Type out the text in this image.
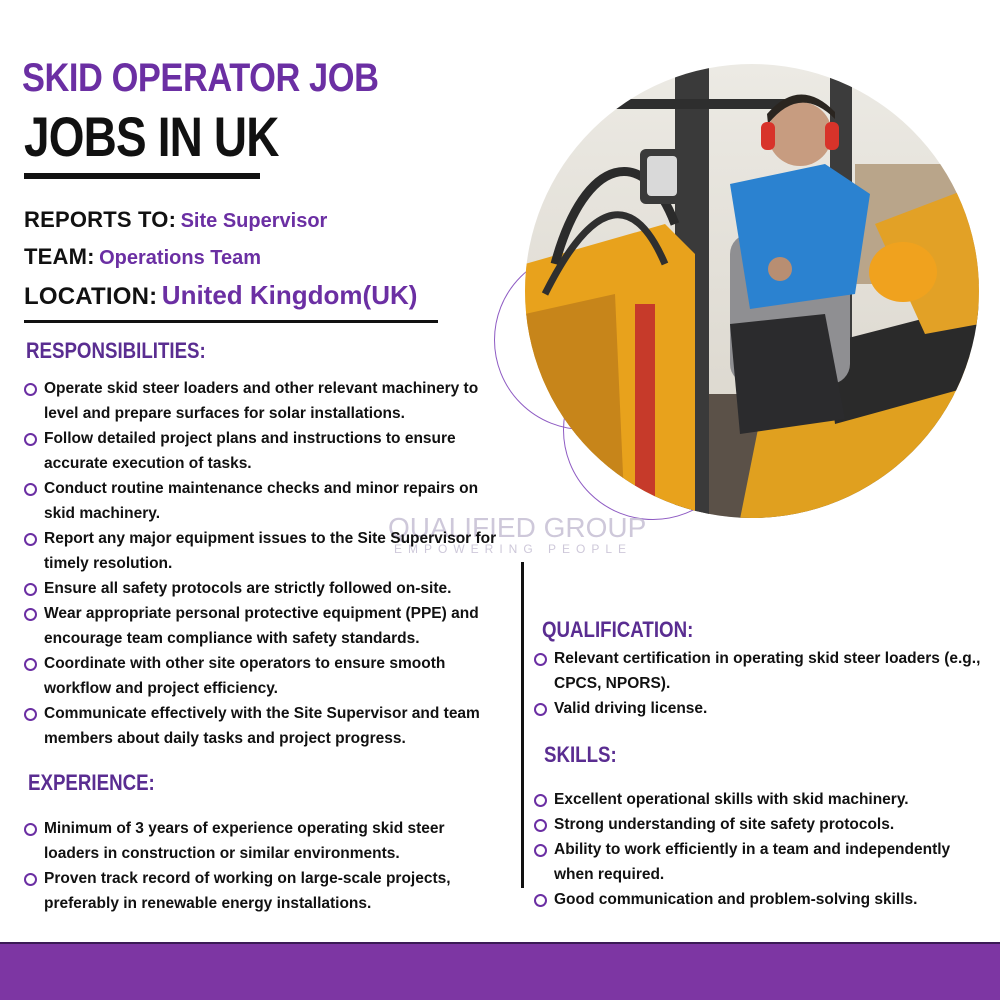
SKID OPERATOR JOB
JOBS IN UK
REPORTS TO: Site Supervisor
TEAM: Operations Team
LOCATION: United Kingdom(UK)
QUALIFIED GROUP
EMPOWERING PEOPLE
RESPONSIBILITIES:
Operate skid steer loaders and other relevant machinery to level and prepare surfaces for solar installations.
Follow detailed project plans and instructions to ensure accurate execution of tasks.
Conduct routine maintenance checks and minor repairs on skid machinery.
Report any major equipment issues to the Site Supervisor for timely resolution.
Ensure all safety protocols are strictly followed on-site.
Wear appropriate personal protective equipment (PPE) and encourage team compliance with safety standards.
Coordinate with other site operators to ensure smooth workflow and project efficiency.
Communicate effectively with the Site Supervisor and team members about daily tasks and project progress.
EXPERIENCE:
Minimum of 3 years of experience operating skid steer loaders in construction or similar environments.
Proven track record of working on large-scale projects, preferably in renewable energy installations.
QUALIFICATION:
Relevant certification in operating skid steer loaders (e.g., CPCS, NPORS).
Valid driving license.
SKILLS:
Excellent operational skills with skid machinery.
Strong understanding of site safety protocols.
Ability to work efficiently in a team and independently when required.
Good communication and problem-solving skills.
